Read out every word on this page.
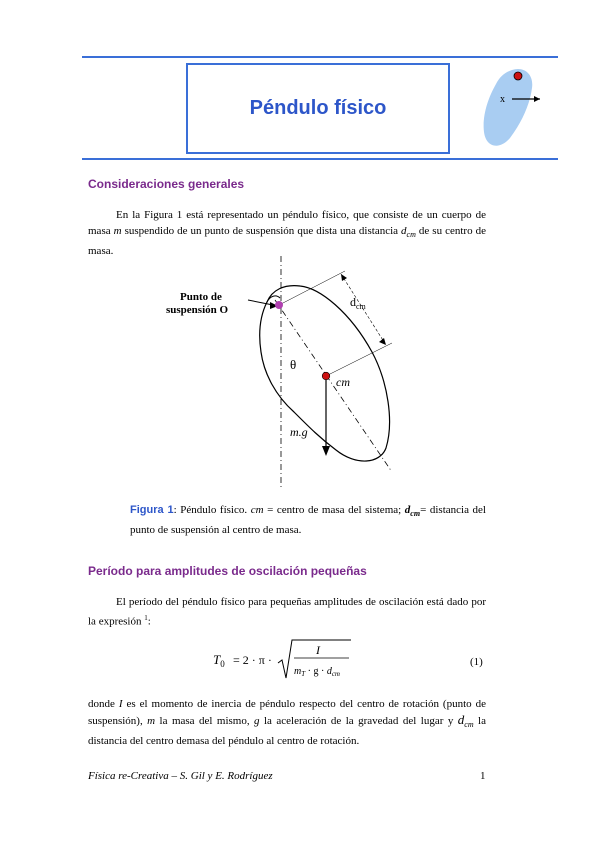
Péndulo físico	x
Consideraciones generales
En la Figura 1 está representado un péndulo físico, que consiste de un cuerpo de masa m suspendido de un punto de suspensión que dista una distancia $d_{cm}$ de su centro de masa.
Punto de
suspensión O
$d_{cm}$
θ
cm
m.g
Figura 1: Péndulo físico. cm = centro de masa del sistema; $d_{cm}=$ distancia del punto de suspensión al centro de masa.
Período para amplitudes de oscilación pequeñas
El período del péndulo físico para pequeñas amplitudes de oscilación está dado por la expresión $^1$:
$T_0 = 2 \cdot \pi$ ·
I
$m_T \cdot g \cdot d_{cm}$
(1)
donde I es el momento de inercia de péndulo respecto del centro de rotación (punto de suspensión), m la masa del mismo, g la aceleración de la gravedad del lugar y $d_{cm}$ la distancia del centro demasa del péndulo al centro de rotación.
Física re-Creativa – S. Gil y E. Rodríguez	1
